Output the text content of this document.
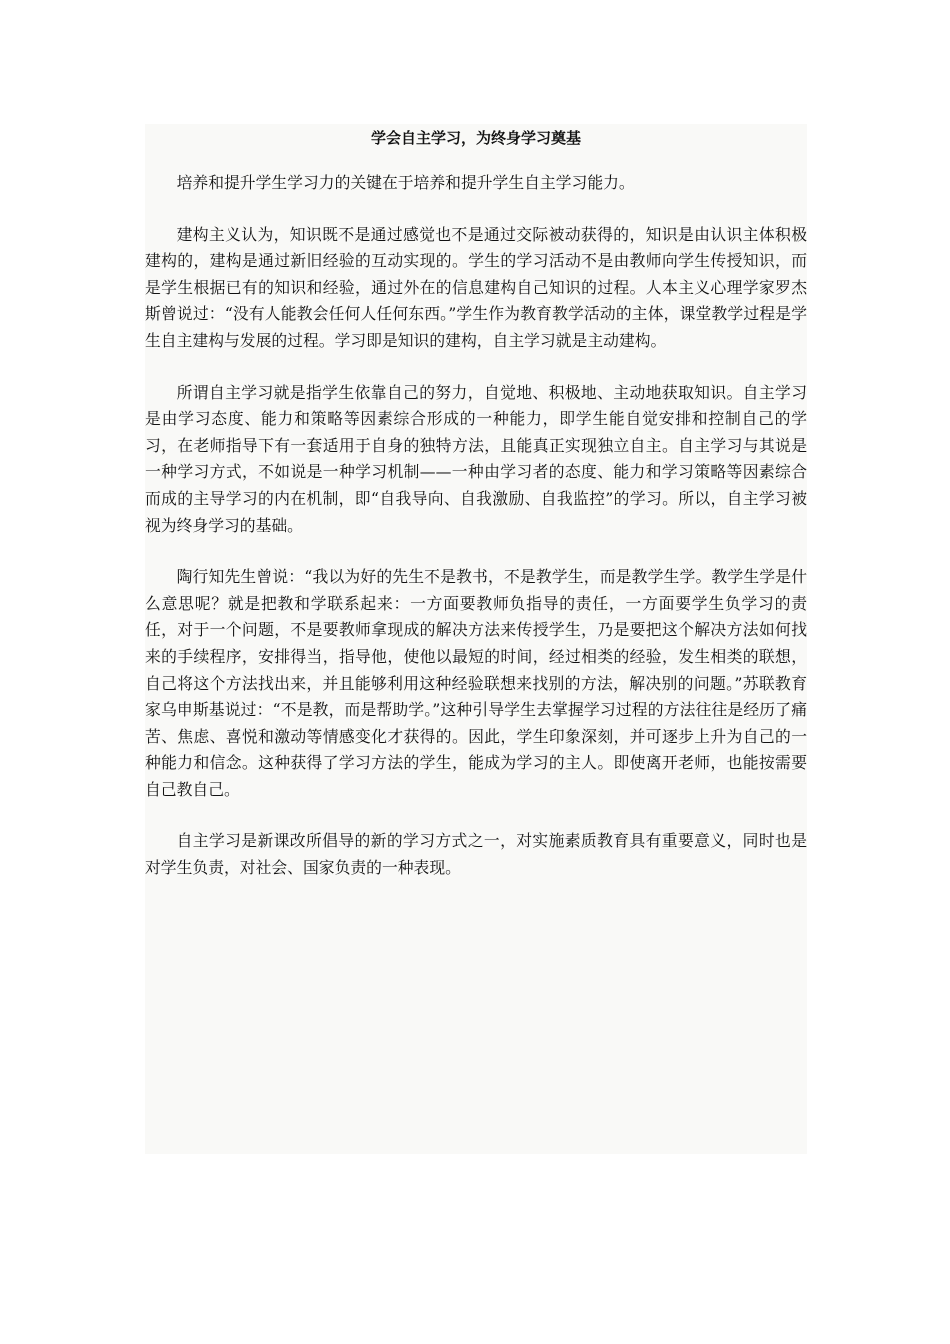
学会自主学习，为终身学习奠基

培养和提升学生学习力的关键在于培养和提升学生自主学习能力。

建构主义认为，知识既不是通过感觉也不是通过交际被动获得的，知识是由认识主体积极建构的，建构是通过新旧经验的互动实现的。学生的学习活动不是由教师向学生传授知识，而是学生根据已有的知识和经验，通过外在的信息建构自己知识的过程。人本主义心理学家罗杰斯曾说过：“没有人能教会任何人任何东西。”学生作为教育教学活动的主体，课堂教学过程是学生自主建构与发展的过程。学习即是知识的建构，自主学习就是主动建构。

所谓自主学习就是指学生依靠自己的努力，自觉地、积极地、主动地获取知识。自主学习是由学习态度、能力和策略等因素综合形成的一种能力，即学生能自觉安排和控制自己的学习，在老师指导下有一套适用于自身的独特方法，且能真正实现独立自主。自主学习与其说是一种学习方式，不如说是一种学习机制——一种由学习者的态度、能力和学习策略等因素综合而成的主导学习的内在机制，即“自我导向、自我激励、自我监控”的学习。所以，自主学习被视为终身学习的基础。

陶行知先生曾说：“我以为好的先生不是教书，不是教学生，而是教学生学。教学生学是什么意思呢？就是把教和学联系起来：一方面要教师负指导的责任，一方面要学生负学习的责任，对于一个问题，不是要教师拿现成的解决方法来传授学生，乃是要把这个解决方法如何找来的手续程序，安排得当，指导他，使他以最短的时间，经过相类的经验，发生相类的联想，自己将这个方法找出来，并且能够利用这种经验联想来找别的方法，解决别的问题。”苏联教育家乌申斯基说过：“不是教，而是帮助学。”这种引导学生去掌握学习过程的方法往往是经历了痛苦、焦虑、喜悦和激动等情感变化才获得的。因此，学生印象深刻，并可逐步上升为自己的一种能力和信念。这种获得了学习方法的学生，能成为学习的主人。即使离开老师，也能按需要自己教自己。

自主学习是新课改所倡导的新的学习方式之一，对实施素质教育具有重要意义，同时也是对学生负责，对社会、国家负责的一种表现。
